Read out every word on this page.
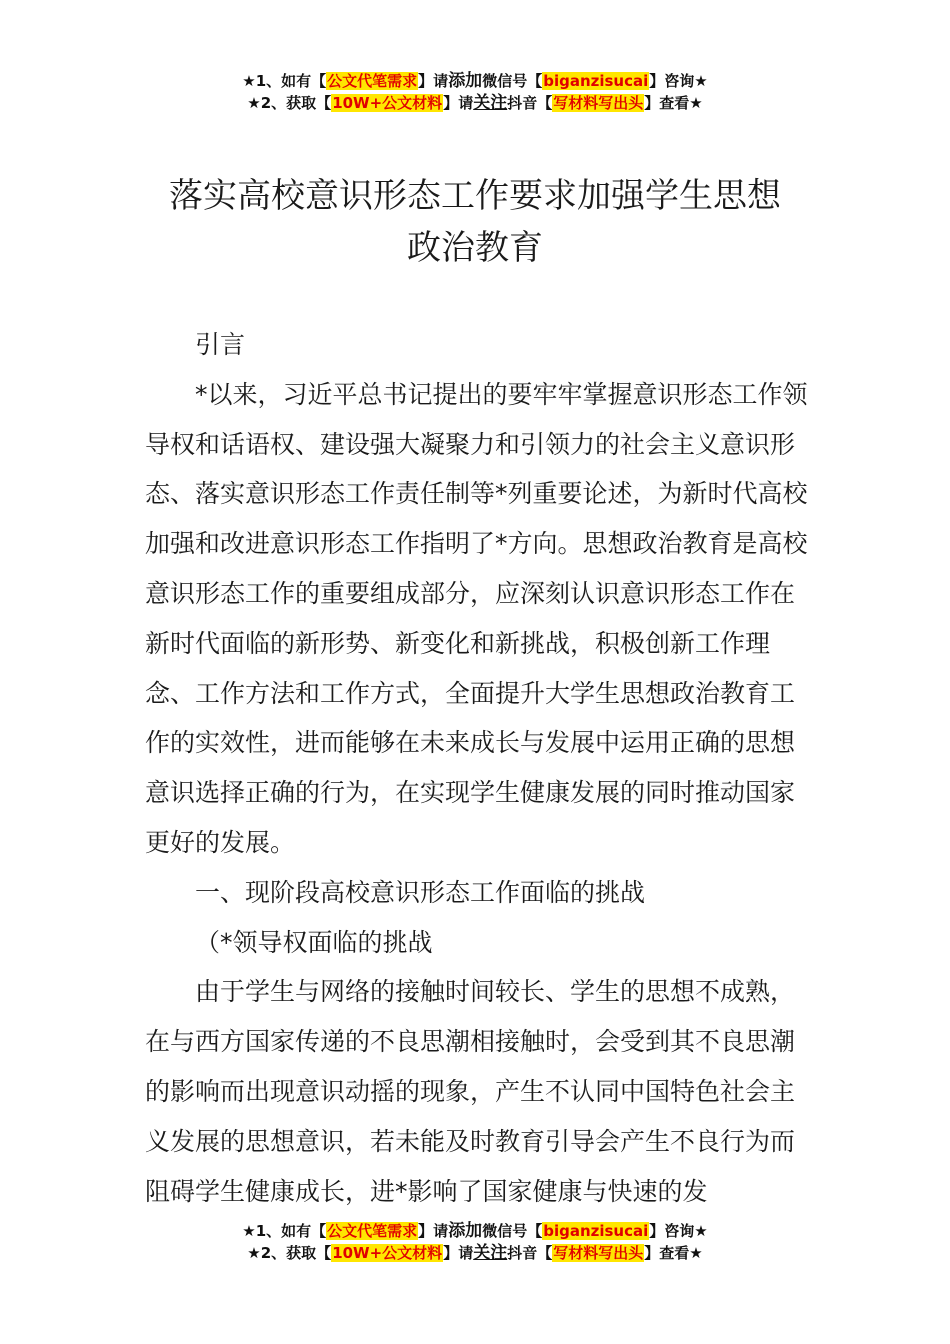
★1、如有【公文代笔需求】请添加微信号【biganzisucai】咨询★
★2、获取【10W+公文材料】请关注抖音【写材料写出头】查看★
落实高校意识形态工作要求加强学生思想
政治教育

引言

*以来，习近平总书记提出的要牢牢掌握意识形态工作领导权和话语权、建设强大凝聚力和引领力的社会主义意识形态、落实意识形态工作责任制等*列重要论述，为新时代高校加强和改进意识形态工作指明了*方向。思想政治教育是高校意识形态工作的重要组成部分，应深刻认识意识形态工作在新时代面临的新形势、新变化和新挑战，积极创新工作理念、工作方法和工作方式，全面提升大学生思想政治教育工作的实效性，进而能够在未来成长与发展中运用正确的思想意识选择正确的行为，在实现学生健康发展的同时推动国家更好的发展。

一、现阶段高校意识形态工作面临的挑战

（*领导权面临的挑战

由于学生与网络的接触时间较长、学生的思想不成熟，在与西方国家传递的不良思潮相接触时，会受到其不良思潮的影响而出现意识动摇的现象，产生不认同中国特色社会主义发展的思想意识，若未能及时教育引导会产生不良行为而阻碍学生健康成长，进*影响了国家健康与快速的发

★1、如有【公文代笔需求】请添加微信号【biganzisucai】咨询★
★2、获取【10W+公文材料】请关注抖音【写材料写出头】查看★
